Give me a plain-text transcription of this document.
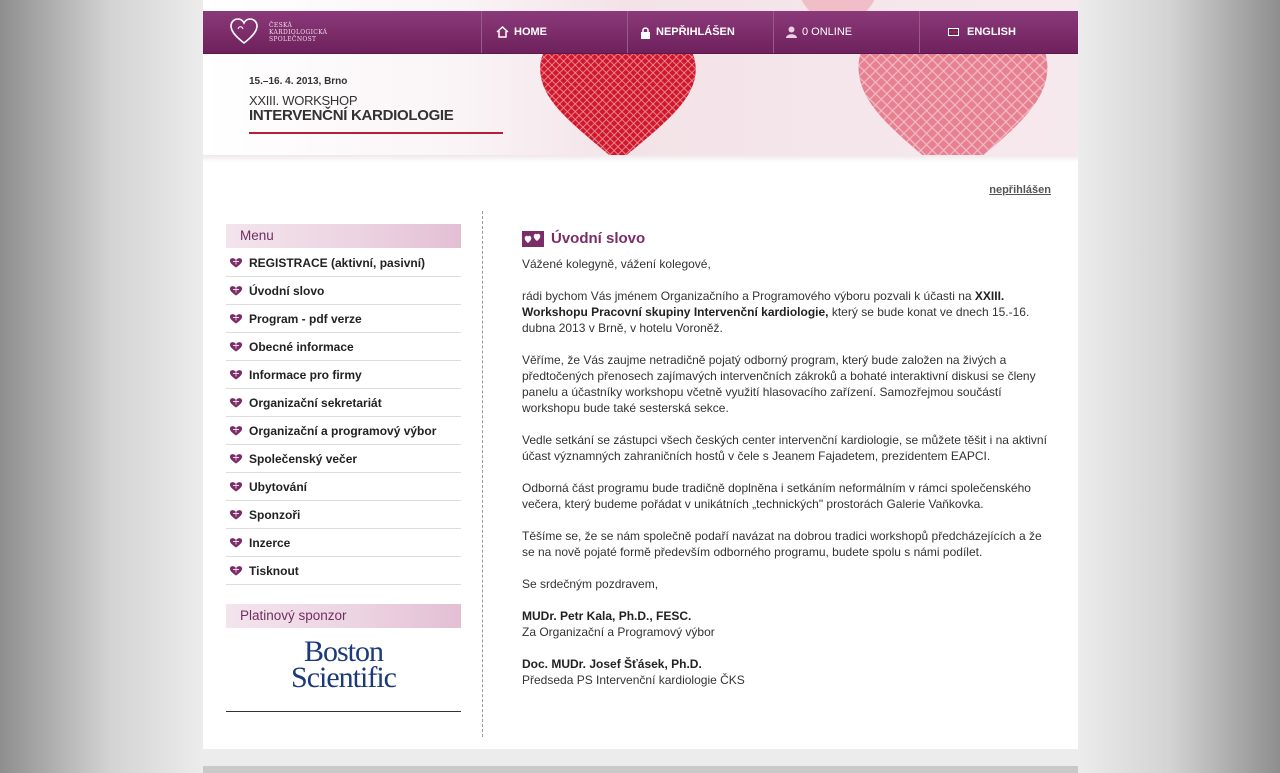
ČESKÁ
KARDIOLOGICKÁ
SPOLEČNOST
HOME	NEPŘIHLÁŠEN	0 ONLINE	ENGLISH
15.–16. 4. 2013, Brno
XXIII. WORKSHOP
INTERVENČNÍ KARDIOLOGIE
nepřihlášen
Menu
REGISTRACE (aktivní, pasivní)
Úvodní slovo
Program - pdf verze
Obecné informace
Informace pro firmy
Organizační sekretariát
Organizační a programový výbor
Společenský večer
Ubytování
Sponzoři
Inzerce
Tisknout
Platinový sponzor
Boston
Scientific
Úvodní slovo

Vážené kolegyně, vážení kolegové,

rádi bychom Vás jménem Organizačního a Programového výboru pozvali k účasti na XXIII. Workshopu Pracovní skupiny Intervenční kardiologie, který se bude konat ve dnech 15.-16. dubna 2013 v Brně, v hotelu Voroněž.

Věříme, že Vás zaujme netradičně pojatý odborný program, který bude založen na živých a předtočených přenosech zajímavých intervenčních zákroků a bohaté interaktivní diskusi se členy panelu a účastníky workshopu včetně využití hlasovacího zařízení. Samozřejmou součástí workshopu bude také sesterská sekce.

Vedle setkání se zástupci všech českých center intervenční kardiologie, se můžete těšit i na aktivní účast významných zahraničních hostů v čele s Jeanem Fajadetem, prezidentem EAPCI.

Odborná část programu bude tradičně doplněna i setkáním neformálním v rámci společenského večera, který budeme pořádat v unikátních „technických" prostorách Galerie Vaňkovka.

Těšíme se, že se nám společně podaří navázat na dobrou tradici workshopů předcházejících a že se na nově pojaté formě především odborného programu, budete spolu s námi podílet.

Se srdečným pozdravem,

MUDr. Petr Kala, Ph.D., FESC.
Za Organizační a Programový výbor

Doc. MUDr. Josef Šťásek, Ph.D.
Předseda PS Intervenční kardiologie ČKS
